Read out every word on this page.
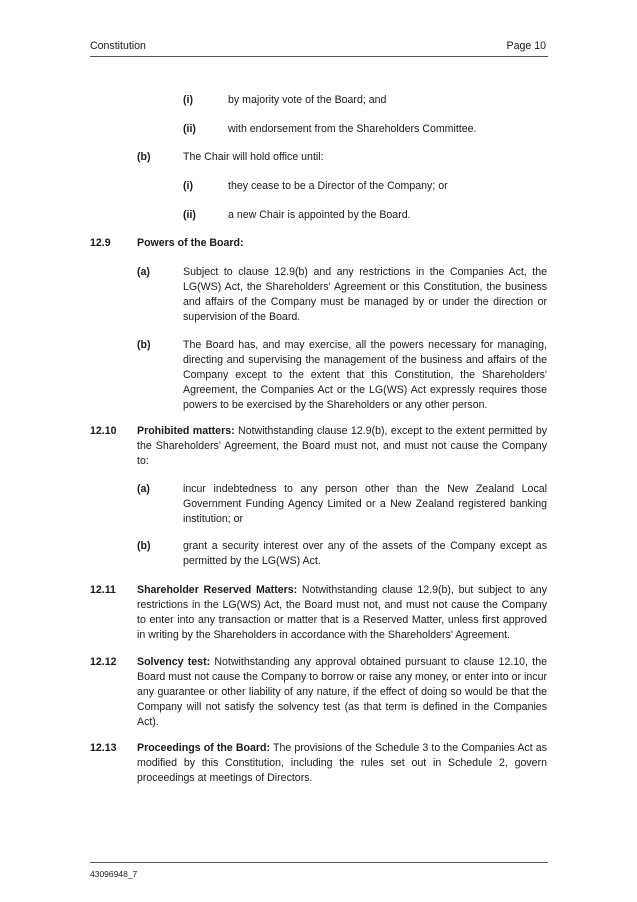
Constitution	Page 10
(i)	by majority vote of the Board; and
(ii)	with endorsement from the Shareholders Committee.
(b)	The Chair will hold office until:
(i)	they cease to be a Director of the Company; or
(ii)	a new Chair is appointed by the Board.
12.9 Powers of the Board:
(a)	Subject to clause 12.9(b) and any restrictions in the Companies Act, the LG(WS) Act, the Shareholders' Agreement or this Constitution, the business and affairs of the Company must be managed by or under the direction or supervision of the Board.
(b)	The Board has, and may exercise, all the powers necessary for managing, directing and supervising the management of the business and affairs of the Company except to the extent that this Constitution, the Shareholders' Agreement, the Companies Act or the LG(WS) Act expressly requires those powers to be exercised by the Shareholders or any other person.
12.10 Prohibited matters: Notwithstanding clause 12.9(b), except to the extent permitted by the Shareholders’ Agreement, the Board must not, and must not cause the Company to:
(a)	incur indebtedness to any person other than the New Zealand Local Government Funding Agency Limited or a New Zealand registered banking institution; or
(b)	grant a security interest over any of the assets of the Company except as permitted by the LG(WS) Act.
12.11 Shareholder Reserved Matters: Notwithstanding clause 12.9(b), but subject to any restrictions in the LG(WS) Act, the Board must not, and must not cause the Company to enter into any transaction or matter that is a Reserved Matter, unless first approved in writing by the Shareholders in accordance with the Shareholders' Agreement.
12.12 Solvency test: Notwithstanding any approval obtained pursuant to clause 12.10, the Board must not cause the Company to borrow or raise any money, or enter into or incur any guarantee or other liability of any nature, if the effect of doing so would be that the Company will not satisfy the solvency test (as that term is defined in the Companies Act).
12.13 Proceedings of the Board: The provisions of the Schedule 3 to the Companies Act as modified by this Constitution, including the rules set out in Schedule 2, govern proceedings at meetings of Directors.
43096948_7
